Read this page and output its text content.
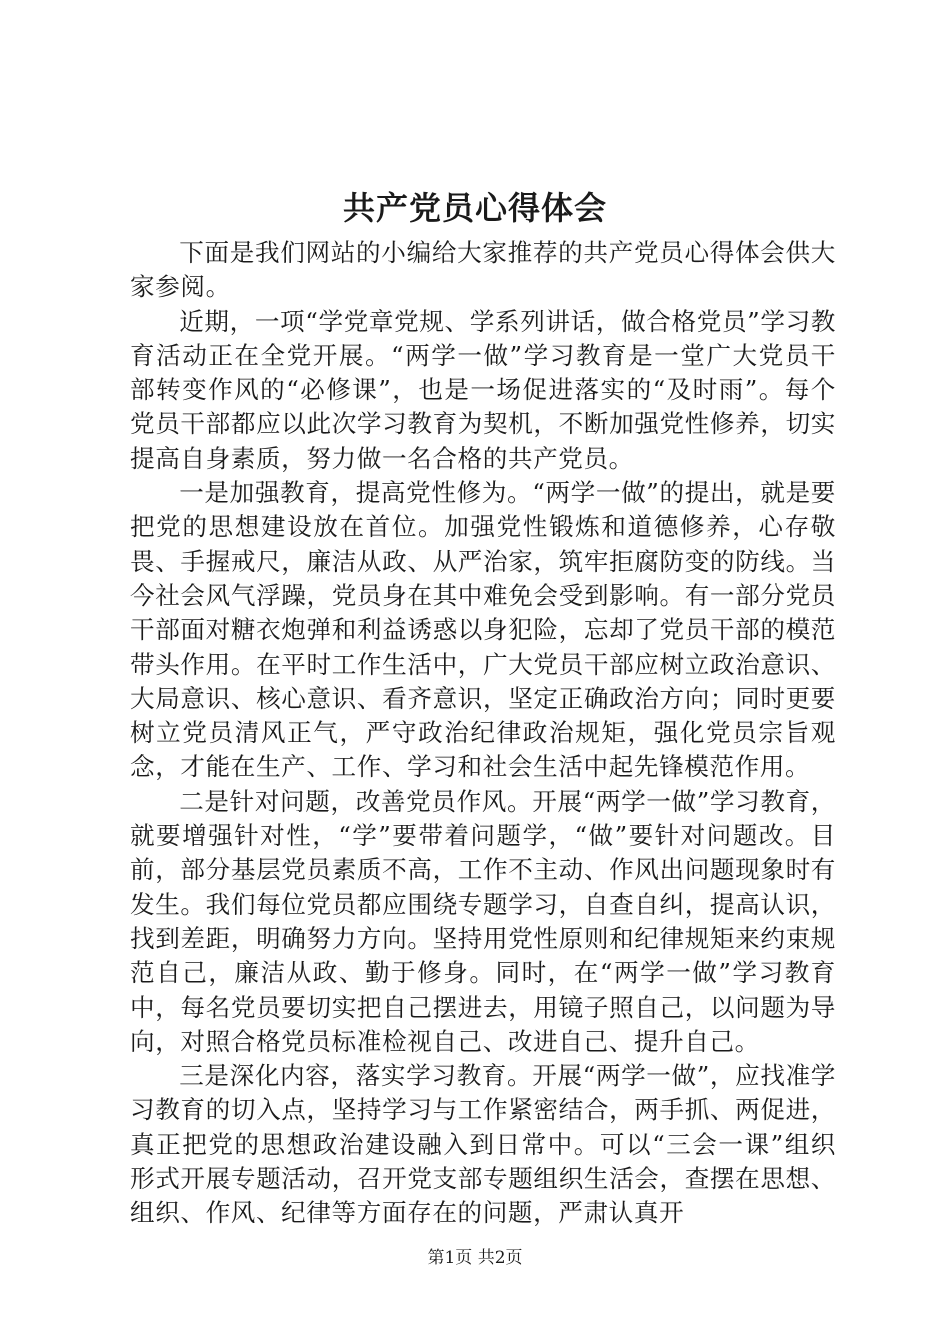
共产党员心得体会

下面是我们网站的小编给大家推荐的共产党员心得体会供大家参阅。

近期，一项“学党章党规、学系列讲话，做合格党员”学习教育活动正在全党开展。“两学一做”学习教育是一堂广大党员干部转变作风的“必修课”，也是一场促进落实的“及时雨”。每个党员干部都应以此次学习教育为契机，不断加强党性修养，切实提高自身素质，努力做一名合格的共产党员。

一是加强教育，提高党性修为。“两学一做”的提出，就是要把党的思想建设放在首位。加强党性锻炼和道德修养，心存敬畏、手握戒尺，廉洁从政、从严治家，筑牢拒腐防变的防线。当今社会风气浮躁，党员身在其中难免会受到影响。有一部分党员干部面对糖衣炮弹和利益诱惑以身犯险，忘却了党员干部的模范带头作用。在平时工作生活中，广大党员干部应树立政治意识、大局意识、核心意识、看齐意识，坚定正确政治方向；同时更要树立党员清风正气，严守政治纪律政治规矩，强化党员宗旨观念，才能在生产、工作、学习和社会生活中起先锋模范作用。

二是针对问题，改善党员作风。开展“两学一做”学习教育，就要增强针对性，“学”要带着问题学，“做”要针对问题改。目前，部分基层党员素质不高，工作不主动、作风出问题现象时有发生。我们每位党员都应围绕专题学习，自查自纠，提高认识，找到差距，明确努力方向。坚持用党性原则和纪律规矩来约束规范自己，廉洁从政、勤于修身。同时，在“两学一做”学习教育中，每名党员要切实把自己摆进去，用镜子照自己，以问题为导向，对照合格党员标准检视自己、改进自己、提升自己。

三是深化内容，落实学习教育。开展“两学一做”，应找准学习教育的切入点，坚持学习与工作紧密结合，两手抓、两促进，真正把党的思想政治建设融入到日常中。可以“三会一课”组织形式开展专题活动，召开党支部专题组织生活会，查摆在思想、组织、作风、纪律等方面存在的问题，严肃认真开

第1页 共2页
